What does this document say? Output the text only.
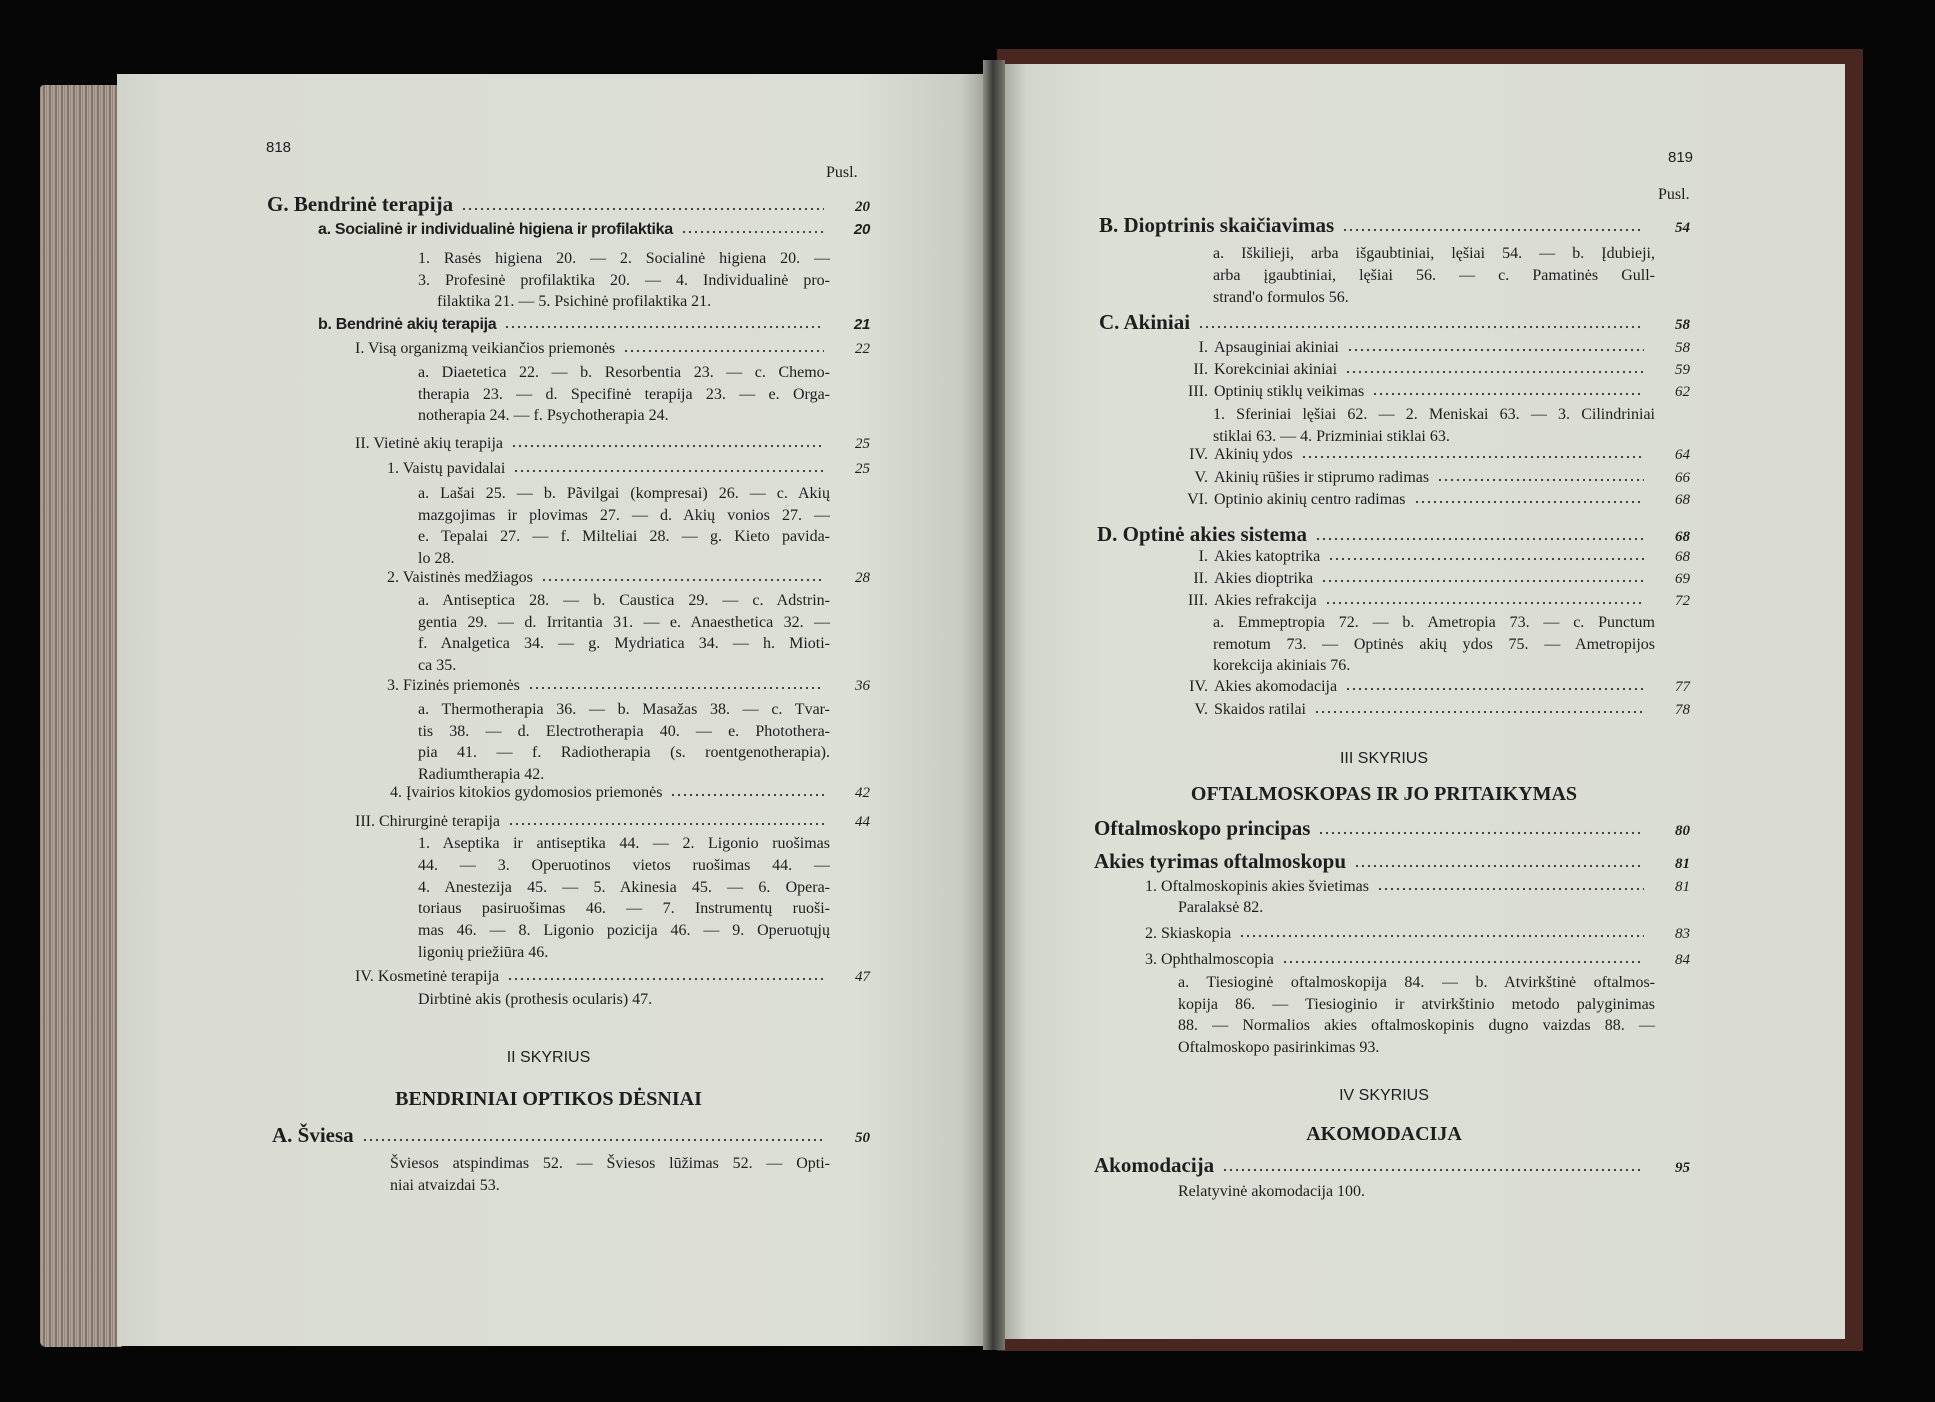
818
Pusl.
G. Bendrinė terapija	20
a. Socialinė ir individualinė higiena ir profilaktika	20
1. Rasės higiena 20. — 2. Socialinė higiena 20. —
3. Profesinė profilaktika 20. — 4. Individualinė pro-
filaktika 21. — 5. Psichinė profilaktika 21.
b. Bendrinė akių terapija	21
I. Visą organizmą veikiančios priemonės	22
a. Diaetetica 22. — b. Resorbentia 23. — c. Chemo-
therapia 23. — d. Specifinė terapija 23. — e. Orga-
notherapia 24. — f. Psychotherapia 24.
II. Vietinė akių terapija	25
1. Vaistų pavidalai	25
a. Lašai 25. — b. Pãvilgai (kompresai) 26. — c. Akių
mazgojimas ir plovimas 27. — d. Akių vonios 27. —
e. Tepalai 27. — f. Milteliai 28. — g. Kieto pavida-
lo 28.
2. Vaistinės medžiagos	28
a. Antiseptica 28. — b. Caustica 29. — c. Adstrin-
gentia 29. — d. Irritantia 31. — e. Anaesthetica 32. —
f. Analgetica 34. — g. Mydriatica 34. — h. Mioti-
ca 35.
3. Fizinės priemonės	36
a. Thermotherapia 36. — b. Masažas 38. — c. Tvar-
tis 38. — d. Electrotherapia 40. — e. Photothera-
pia 41. — f. Radiotherapia (s. roentgenotherapia).
Radiumtherapia 42.
4. Įvairios kitokios gydomosios priemonės	42
III. Chirurginė terapija	44
1. Aseptika ir antiseptika 44. — 2. Ligonio ruošimas
44. — 3. Operuotinos vietos ruošimas 44. —
4. Anestezija 45. — 5. Akinesia 45. — 6. Opera-
toriaus pasiruošimas 46. — 7. Instrumentų ruoši-
mas 46. — 8. Ligonio pozicija 46. — 9. Operuotųjų
ligonių priežiūra 46.
IV. Kosmetinė terapija	47
Dirbtinė akis (prothesis ocularis) 47.
II SKYRIUS
BENDRINIAI OPTIKOS DĖSNIAI
A. Šviesa	50
Šviesos atspindimas 52. — Šviesos lūžimas 52. — Opti-
niai atvaizdai 53.
819
Pusl.
B. Dioptrinis skaičiavimas	54
a. Iškilieji, arba išgaubtiniai, lęšiai 54. — b. Įdubieji,
arba įgaubtiniai, lęšiai 56. — c. Pamatinės Gull-
strand'o formulos 56.
C. Akiniai	58
I. Apsauginiai akiniai	58
II. Korekciniai akiniai	59
III. Optinių stiklų veikimas	62
1. Sferiniai lęšiai 62. — 2. Meniskai 63. — 3. Cilindriniai
stiklai 63. — 4. Prizminiai stiklai 63.
IV. Akinių ydos	64
V. Akinių rūšies ir stiprumo radimas	66
VI. Optinio akinių centro radimas	68
D. Optinė akies sistema	68
I. Akies katoptrika	68
II. Akies dioptrika	69
III. Akies refrakcija	72
a. Emmeptropia 72. — b. Ametropia 73. — c. Punctum
remotum 73. — Optinės akių ydos 75. — Ametropijos
korekcija akiniais 76.
IV. Akies akomodacija	77
V. Skaidos ratilai	78
III SKYRIUS
OFTALMOSKOPAS IR JO PRITAIKYMAS
Oftalmoskopo principas	80
Akies tyrimas oftalmoskopu	81
1. Oftalmoskopinis akies švietimas	81
Paralaksė 82.
2. Skiaskopia	83
3. Ophthalmoscopia	84
a. Tiesioginė oftalmoskopija 84. — b. Atvirkštinė oftalmos-
kopija 86. — Tiesioginio ir atvirkštinio metodo palyginimas
88. — Normalios akies oftalmoskopinis dugno vaizdas 88. —
Oftalmoskopo pasirinkimas 93.
IV SKYRIUS
AKOMODACIJA
Akomodacija	95
Relatyvinė akomodacija 100.
